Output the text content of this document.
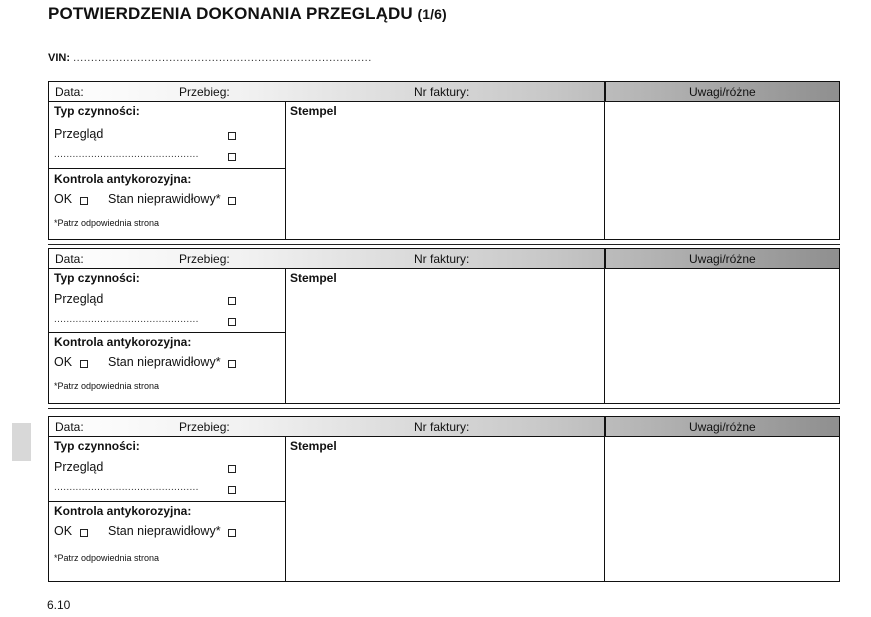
POTWIERDZENIA DOKONANIA PRZEGLĄDU (1/6)
VIN: ....................................................................................
Data:	Przebieg:	Nr faktury:	Uwagi/różne
Typ czynności:
Przegląd
...............................................
Kontrola antykorozyjna:
OK	Stan nieprawidłowy*
*Patrz odpowiednia strona
Stempel
Data:	Przebieg:	Nr faktury:	Uwagi/różne
Typ czynności:
Przegląd
...............................................
Kontrola antykorozyjna:
OK	Stan nieprawidłowy*
*Patrz odpowiednia strona
Stempel
Data:	Przebieg:	Nr faktury:	Uwagi/różne
Typ czynności:
Przegląd
...............................................
Kontrola antykorozyjna:
OK	Stan nieprawidłowy*
*Patrz odpowiednia strona
Stempel
6.10
